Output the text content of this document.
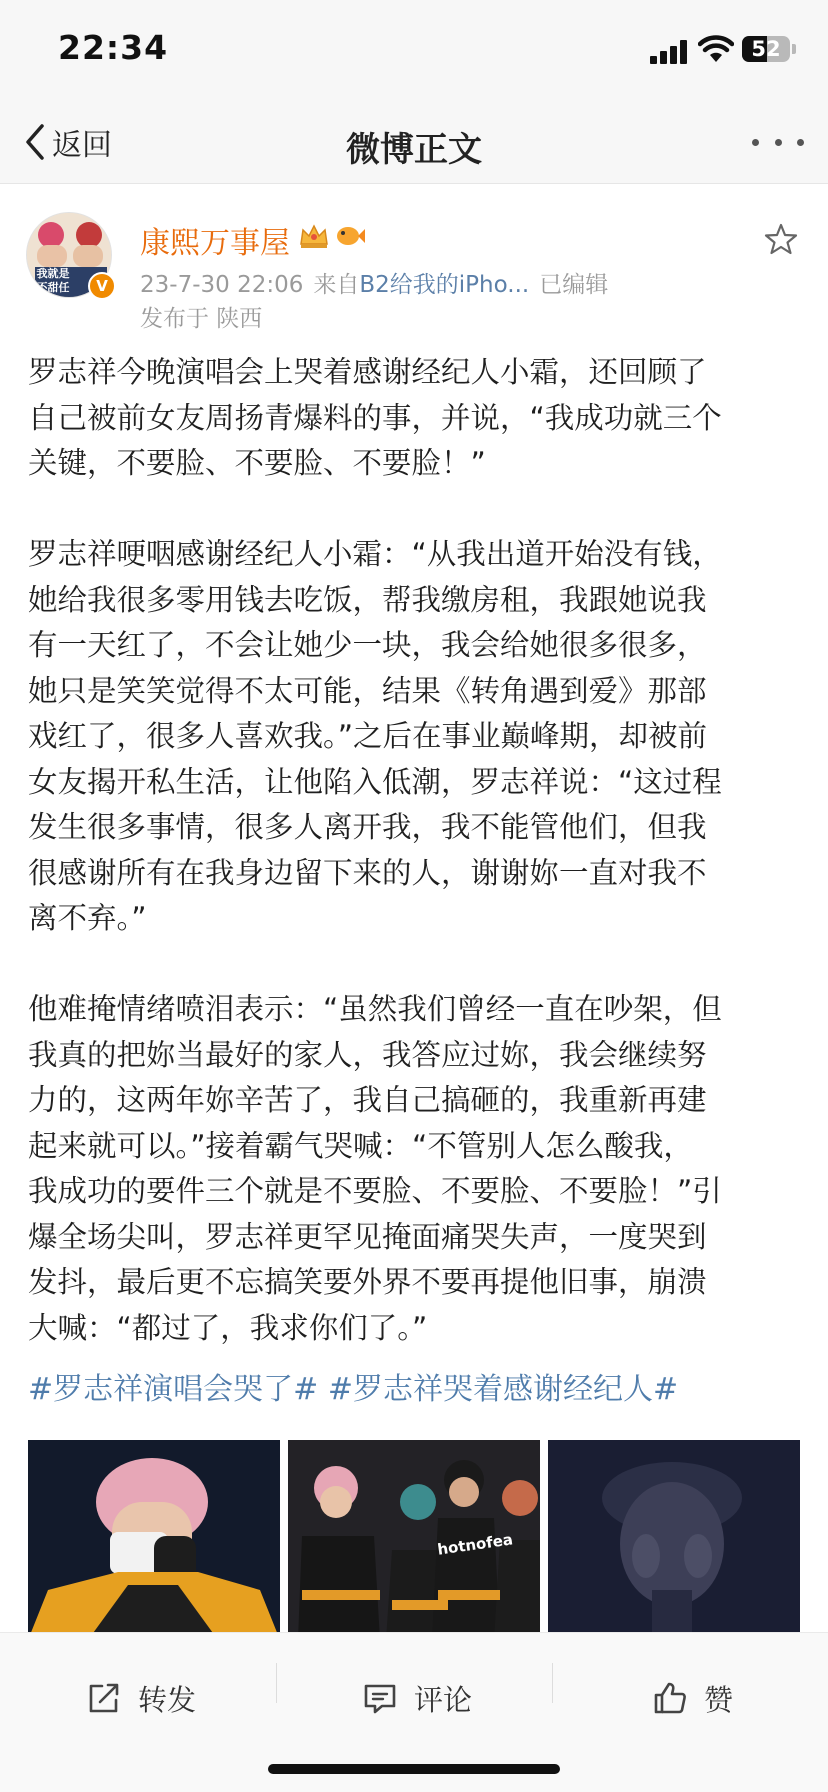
22:34	52
返回	微博正文
我就是
不甜任	V
康熙万事屋
23-7-30 22:06 来自B2给我的iPho... 已编辑
发布于 陕西
罗志祥今晚演唱会上哭着感谢经纪人小霜，还回顾了
自己被前女友周扬青爆料的事，并说，“我成功就三个
关键，不要脸、不要脸、不要脸！”
罗志祥哽咽感谢经纪人小霜：“从我出道开始没有钱，
她给我很多零用钱去吃饭，帮我缴房租，我跟她说我
有一天红了，不会让她少一块，我会给她很多很多，
她只是笑笑觉得不太可能，结果《转角遇到爱》那部
戏红了，很多人喜欢我。”之后在事业巅峰期，却被前
女友揭开私生活，让他陷入低潮，罗志祥说：“这过程
发生很多事情，很多人离开我，我不能管他们，但我
很感谢所有在我身边留下来的人，谢谢妳一直对我不
离不弃。”
他难掩情绪喷泪表示：“虽然我们曾经一直在吵架，但
我真的把妳当最好的家人，我答应过妳，我会继续努
力的，这两年妳辛苦了，我自己搞砸的，我重新再建
起来就可以。”接着霸气哭喊：“不管别人怎么酸我，
我成功的要件三个就是不要脸、不要脸、不要脸！”引
爆全场尖叫，罗志祥更罕见掩面痛哭失声，一度哭到
发抖，最后更不忘搞笑要外界不要再提他旧事，崩溃
大喊：“都过了，我求你们了。”
#罗志祥演唱会哭了# #罗志祥哭着感谢经纪人#
hotnofea
转发	评论	赞
